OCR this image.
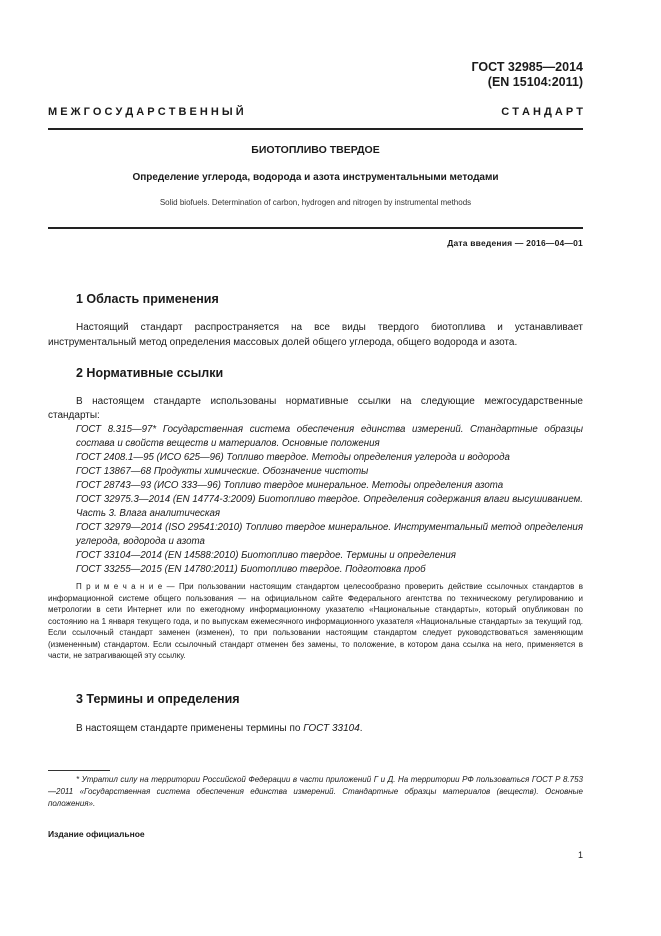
ГОСТ 32985—2014
(EN 15104:2011)
М Е Ж Г О С У Д А Р С Т В Е Н Н Ы Й	С Т А Н Д А Р Т
БИОТОПЛИВО ТВЕРДОЕ
Определение углерода, водорода и азота инструментальными методами
Solid biofuels. Determination of carbon, hydrogen and nitrogen by instrumental methods
Дата введения — 2016—04—01
1 Область применения
Настоящий стандарт распространяется на все виды твердого биотоплива и устанавливает инструментальный метод определения массовых долей общего углерода, общего водорода и азота.
2 Нормативные ссылки
В настоящем стандарте использованы нормативные ссылки на следующие межгосударственные стандарты:
ГОСТ 8.315—97* Государственная система обеспечения единства измерений. Стандартные образцы состава и свойств веществ и материалов. Основные положения
ГОСТ 2408.1—95 (ИСО 625—96) Топливо твердое. Методы определения углерода и водорода
ГОСТ 13867—68 Продукты химические. Обозначение чистоты
ГОСТ 28743—93 (ИСО 333—96) Топливо твердое минеральное. Методы определения азота
ГОСТ 32975.3—2014 (EN 14774-3:2009) Биотопливо твердое. Определения содержания влаги высушиванием. Часть 3. Влага аналитическая
ГОСТ 32979—2014 (ISO 29541:2010) Топливо твердое минеральное. Инструментальный метод определения углерода, водорода и азота
ГОСТ 33104—2014 (EN 14588:2010) Биотопливо твердое. Термины и определения
ГОСТ 33255—2015 (EN 14780:2011) Биотопливо твердое. Подготовка проб
П р и м е ч а н и е — При пользовании настоящим стандартом целесообразно проверить действие ссылочных стандартов в информационной системе общего пользования — на официальном сайте Федерального агентства по техническому регулированию и метрологии в сети Интернет или по ежегодному информационному указателю «Национальные стандарты», который опубликован по состоянию на 1 января текущего года, и по выпускам ежемесячного информационного указателя «Национальные стандарты» за текущий год. Если ссылочный стандарт заменен (изменен), то при пользовании настоящим стандартом следует руководствоваться заменяющим (измененным) стандартом. Если ссылочный стандарт отменен без замены, то положение, в котором дана ссылка на него, применяется в части, не затрагивающей эту ссылку.
3 Термины и определения
В настоящем стандарте применены термины по ГОСТ 33104.
* Утратил силу на территории Российской Федерации в части приложений Г и Д. На территории РФ пользоваться ГОСТ Р 8.753—2011 «Государственная система обеспечения единства измерений. Стандартные образцы материалов (веществ). Основные положения».
Издание официальное
1
